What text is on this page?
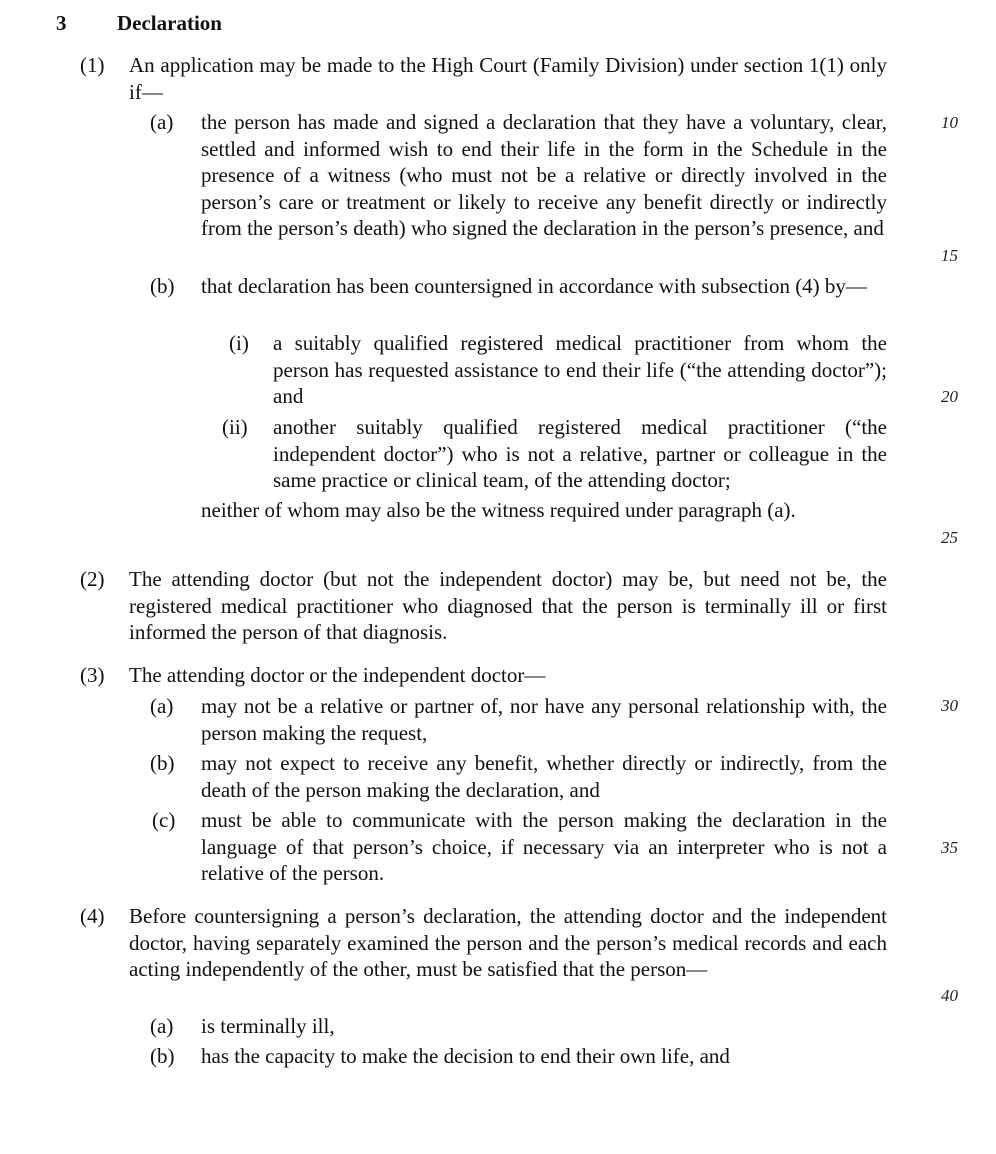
3 Declaration
(1) An application may be made to the High Court (Family Division) under section 1(1) only if—
(a) the person has made and signed a declaration that they have a voluntary, clear, settled and informed wish to end their life in the form in the Schedule in the presence of a witness (who must not be a relative or directly involved in the person’s care or treatment or likely to receive any benefit directly or indirectly from the person’s death) who signed the declaration in the person’s presence, and
(b) that declaration has been countersigned in accordance with subsection (4) by—
(i) a suitably qualified registered medical practitioner from whom the person has requested assistance to end their life (“the attending doctor”); and
(ii) another suitably qualified registered medical practitioner (“the independent doctor”) who is not a relative, partner or colleague in the same practice or clinical team, of the attending doctor;
neither of whom may also be the witness required under paragraph (a).
(2) The attending doctor (but not the independent doctor) may be, but need not be, the registered medical practitioner who diagnosed that the person is terminally ill or first informed the person of that diagnosis.
(3) The attending doctor or the independent doctor—
(a) may not be a relative or partner of, nor have any personal relationship with, the person making the request,
(b) may not expect to receive any benefit, whether directly or indirectly, from the death of the person making the declaration, and
(c) must be able to communicate with the person making the declaration in the language of that person’s choice, if necessary via an interpreter who is not a relative of the person.
(4) Before countersigning a person’s declaration, the attending doctor and the independent doctor, having separately examined the person and the person’s medical records and each acting independently of the other, must be satisfied that the person—
(a) is terminally ill,
(b) has the capacity to make the decision to end their own life, and
10
15
20
25
30
35
40
